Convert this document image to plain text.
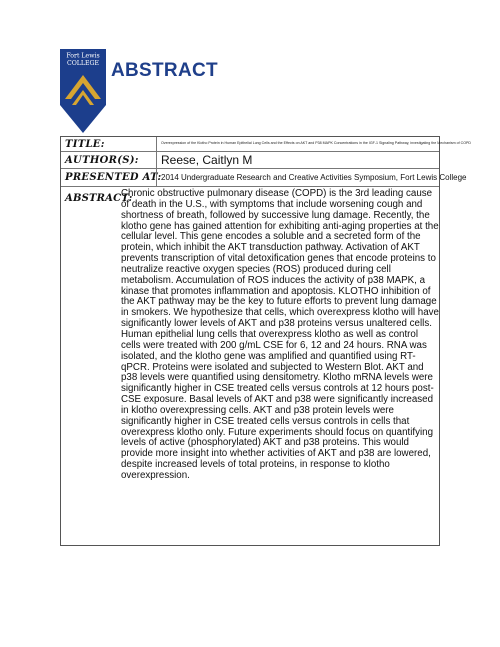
Fort Lewis
COLLEGE ABSTRACT
TITLE:	Overexpression of the Klotho Protein in Human Epithelial Lung Cells and the Effects on AKT and P38 MAPK Concentrations in the IGF-1 Signaling Pathway, investigating the Mechanism of COPD
AUTHOR(S):	Reese, Caitlyn M
PRESENTED AT: 2014 Undergraduate Research and Creative Activities Symposium, Fort Lewis College
ABSTRACT:

Chronic obstructive pulmonary disease (COPD) is the 3rd leading cause of death in the U.S., with symptoms that include worsening cough and shortness of breath, followed by successive lung damage. Recently, the klotho gene has gained attention for exhibiting anti-aging properties at the cellular level. This gene encodes a soluble and a secreted form of the protein, which inhibit the AKT transduction pathway. Activation of AKT prevents transcription of vital detoxification genes that encode proteins to neutralize reactive oxygen species (ROS) produced during cell metabolism. Accumulation of ROS induces the activity of p38 MAPK, a kinase that promotes inflammation and apoptosis. KLOTHO inhibition of the AKT pathway may be the key to future efforts to prevent lung damage in smokers. We hypothesize that cells, which overexpress klotho will have significantly lower levels of AKT and p38 proteins versus unaltered cells. Human epithelial lung cells that overexpress klotho as well as control cells were treated with 200 g/mL CSE for 6, 12 and 24 hours. RNA was isolated, and the klotho gene was amplified and quantified using RT-qPCR. Proteins were isolated and subjected to Western Blot. AKT and p38 levels were quantified using densitometry. Klotho mRNA levels were significantly higher in CSE treated cells versus controls at 12 hours post-CSE exposure. Basal levels of AKT and p38 were significantly increased in klotho overexpressing cells. AKT and p38 protein levels were significantly higher in CSE treated cells versus controls in cells that overexpress klotho only. Future experiments should focus on quantifying levels of active (phosphorylated) AKT and p38 proteins. This would provide more insight into whether activities of AKT and p38 are lowered, despite increased levels of total proteins, in response to klotho overexpression.
